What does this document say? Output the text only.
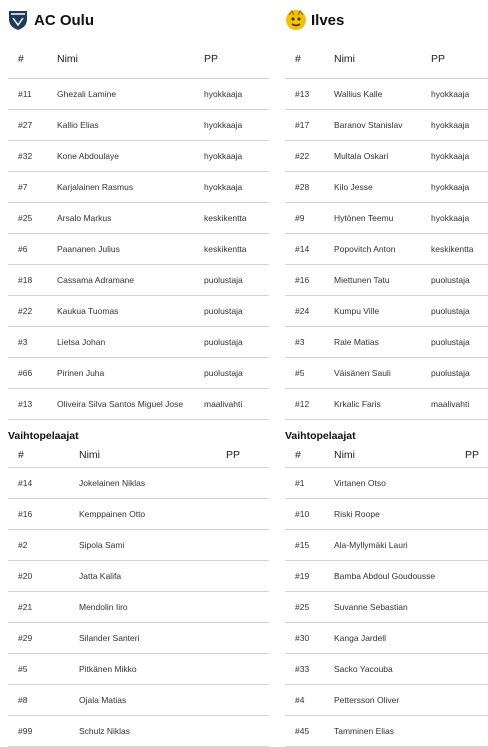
AC Oulu
#	Nimi	PP
#11	Ghezali Lamine	hyokkaaja
#27	Kallio Elias	hyokkaaja
#32	Kone Abdoulaye	hyokkaaja
#7	Karjalainen Rasmus	hyokkaaja
#25	Arsalo Markus	keskikentta
#6	Paananen Julius	keskikentta
#18	Cassama Adramane	puolustaja
#22	Kaukua Tuomas	puolustaja
#3	Lietsa Johan	puolustaja
#66	Pirinen Juha	puolustaja
#13	Oliveira Silva Santos Miguel Jose	maalivahti
Vaihtopelaajat
#	Nimi	PP
#14	Jokelainen Niklas	
#16	Kemppainen Otto	
#2	Sipola Sami	
#20	Jatta Kalifa	
#21	Mendolin Iiro	
#29	Silander Santeri	
#5	Pitkänen Mikko	
#8	Ojala Matias	
#99	Schulz Niklas	
Ilves
#	Nimi	PP
#13	Wallius Kalle	hyokkaaja
#17	Baranov Stanislav	hyokkaaja
#22	Multala Oskari	hyokkaaja
#28	Kilo Jesse	hyokkaaja
#9	Hytönen Teemu	hyokkaaja
#14	Popovitch Anton	keskikentta
#16	Miettunen Tatu	puolustaja
#24	Kumpu Ville	puolustaja
#3	Rale Matias	puolustaja
#5	Väisänen Sauli	puolustaja
#12	Krkalic Faris	maalivahti
Vaihtopelaajat
#	Nimi	PP
#1	Virtanen Otso	
#10	Riski Roope	
#15	Ala-Myllymäki Lauri	
#19	Bamba Abdoul Goudousse	
#25	Suvanne Sebastian	
#30	Kanga Jardell	
#33	Sacko Yacouba	
#4	Pettersson Oliver	
#45	Tamminen Elias	
